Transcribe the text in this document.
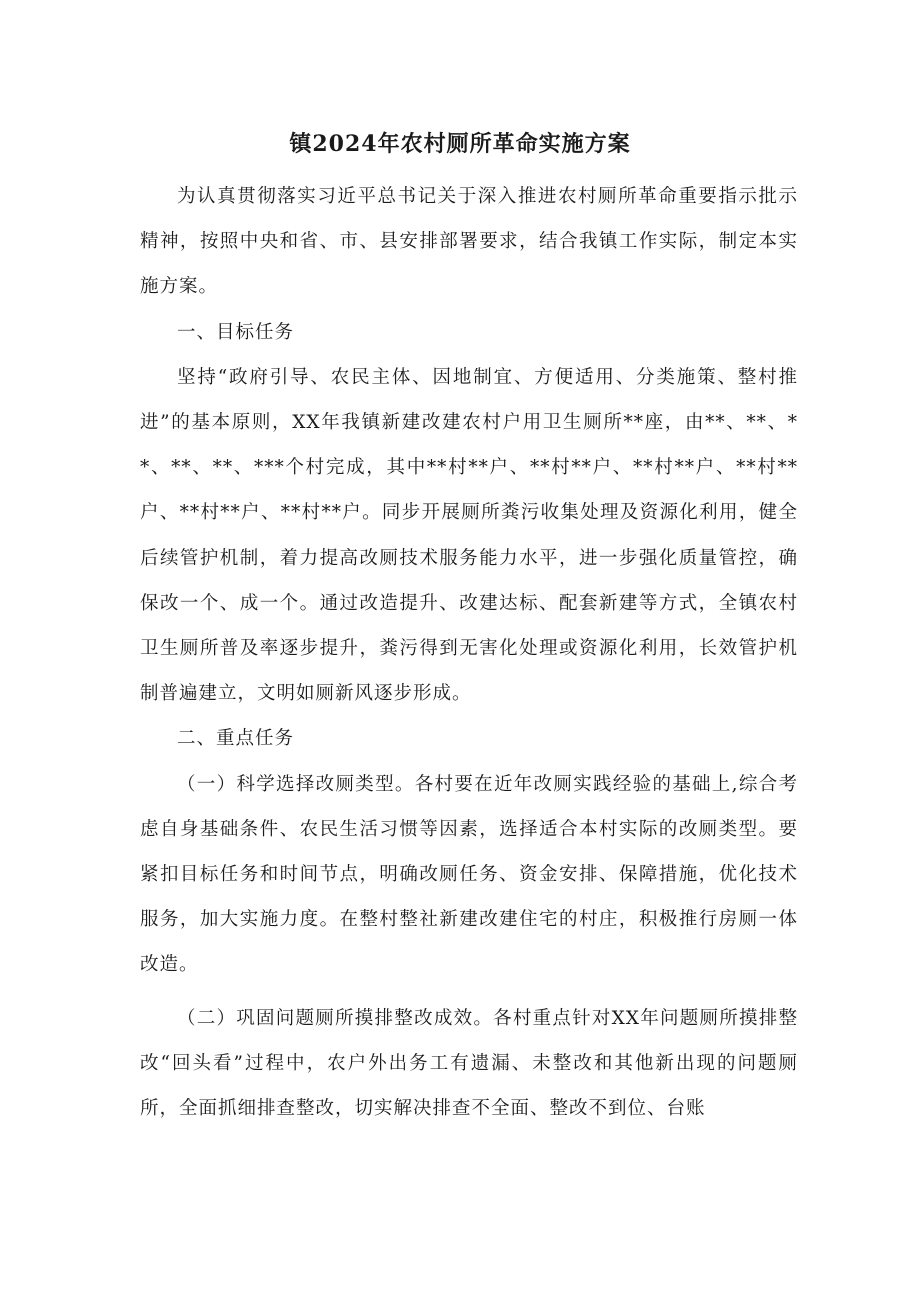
镇2024年农村厕所革命实施方案

为认真贯彻落实习近平总书记关于深入推进农村厕所革命重要指示批示精神，按照中央和省、市、县安排部署要求，结合我镇工作实际，制定本实施方案。

一、目标任务

坚持“政府引导、农民主体、因地制宜、方便适用、分类施策、整村推进”的基本原则，XX年我镇新建改建农村户用卫生厕所**座，由**、**、**、**、**、***个村完成，其中**村**户、**村**户、**村**户、**村**户、**村**户、**村**户。同步开展厕所粪污收集处理及资源化利用，健全后续管护机制，着力提高改厕技术服务能力水平，进一步强化质量管控，确保改一个、成一个。通过改造提升、改建达标、配套新建等方式，全镇农村卫生厕所普及率逐步提升，粪污得到无害化处理或资源化利用，长效管护机制普遍建立，文明如厕新风逐步形成。

二、重点任务

（一）科学选择改厕类型。各村要在近年改厕实践经验的基础上,综合考虑自身基础条件、农民生活习惯等因素，选择适合本村实际的改厕类型。要紧扣目标任务和时间节点，明确改厕任务、资金安排、保障措施，优化技术服务，加大实施力度。在整村整社新建改建住宅的村庄，积极推行房厕一体改造。

（二）巩固问题厕所摸排整改成效。各村重点针对XX年问题厕所摸排整改“回头看”过程中，农户外出务工有遗漏、未整改和其他新出现的问题厕所，全面抓细排查整改，切实解决排查不全面、整改不到位、台账
